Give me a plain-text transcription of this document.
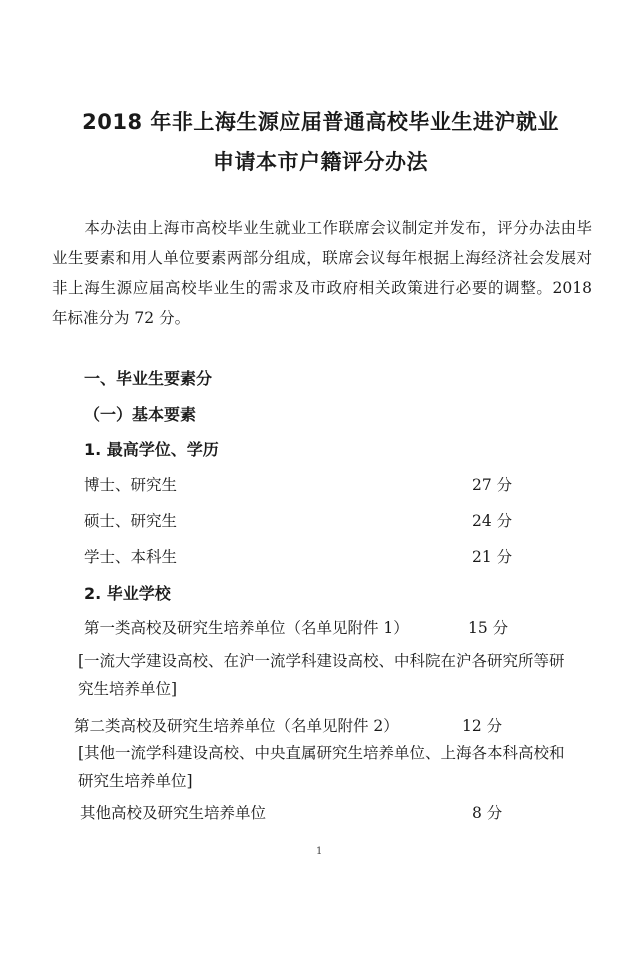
2018 年非上海生源应届普通高校毕业生进沪就业
申请本市户籍评分办法
本办法由上海市高校毕业生就业工作联席会议制定并发布，评分办法由毕业生要素和用人单位要素两部分组成，联席会议每年根据上海经济社会发展对非上海生源应届高校毕业生的需求及市政府相关政策进行必要的调整。2018 年标准分为 72 分。
一、毕业生要素分
（一）基本要素
1. 最高学位、学历
博士、研究生	27 分
硕士、研究生	24 分
学士、本科生	21 分
2. 毕业学校
第一类高校及研究生培养单位（名单见附件 1）	15 分
[一流大学建设高校、在沪一流学科建设高校、中科院在沪各研究所等研究生培养单位]
第二类高校及研究生培养单位（名单见附件 2）	12 分
[其他一流学科建设高校、中央直属研究生培养单位、上海各本科高校和研究生培养单位]
其他高校及研究生培养单位	8 分
1
